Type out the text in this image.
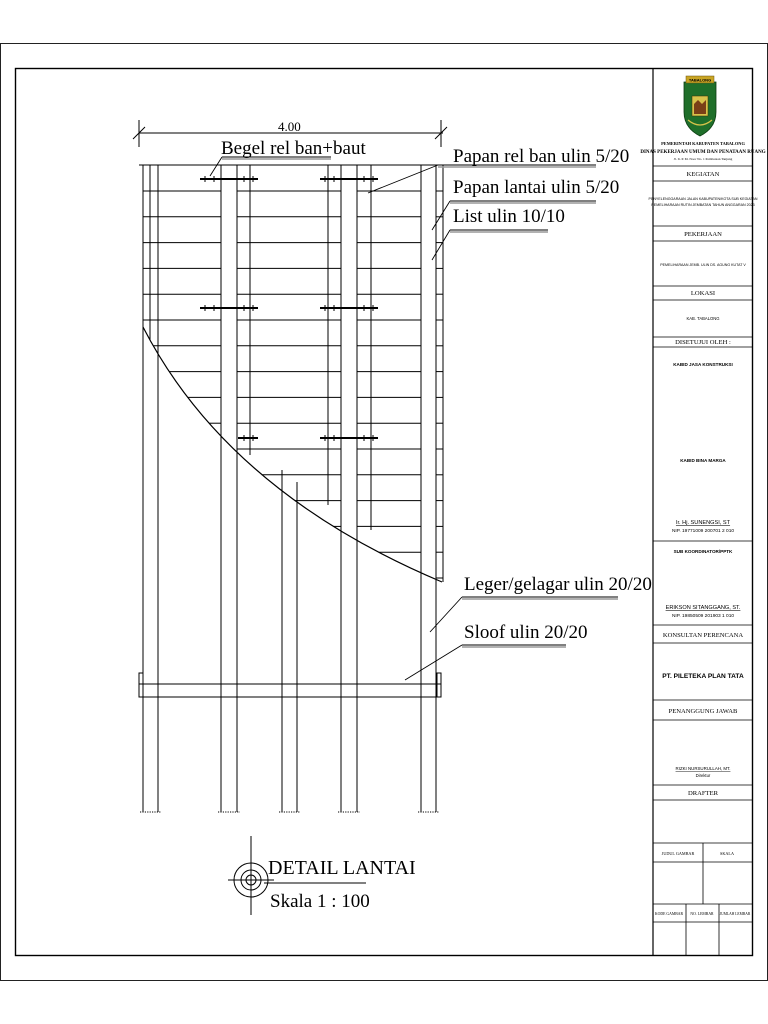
4.00
Begel rel ban+baut	Papan rel ban ulin 5/20
Papan lantai ulin 5/20
List ulin 10/10
Leger/gelagar ulin 20/20
Sloof ulin 20/20
DETAIL LANTAI
Skala 1 : 100
TABALONG
PEMERINTAH KABUPATEN TABALONG
DINAS PEKERJAAN UMUM DAN PENATAAN RUANG
Jl. Ir. P. M. Noor No. 1 Pembataan Tanjung
KEGIATAN
PENYELENGGARAAN JALAN KABUPATEN/KOTA SUB KEGIATAN
PEMELIHARAAN RUTIN JEMBATAN TAHUN ANGGARAN 2023
PEKERJAAN
PEMELIHARAAN JEMB. ULIN DS. AGUNG KUTAT V
LOKASI
KAB. TABALONG
DISETUJUI OLEH :
KABID JASA KONSTRUKSI
KABID BINA MARGA
Ir. Hj. SUNENGSI, ST
NIP. 19771009 200701 2 010
SUB KOORDINATOR/PPTK
ERIKSON SITANGGANG, ST.
NIP. 19850509 201903 1 010
KONSULTAN PERENCANA
PT. PILETEKA PLAN TATA
PENANGGUNG JAWAB
RIZKI NURSURULLAH, MT.
Direktur
DRAFTER
JUDUL GAMBAR	SKALA
KODE GAMBAR NO. LEMBAR JUMLAH LEMBAR
